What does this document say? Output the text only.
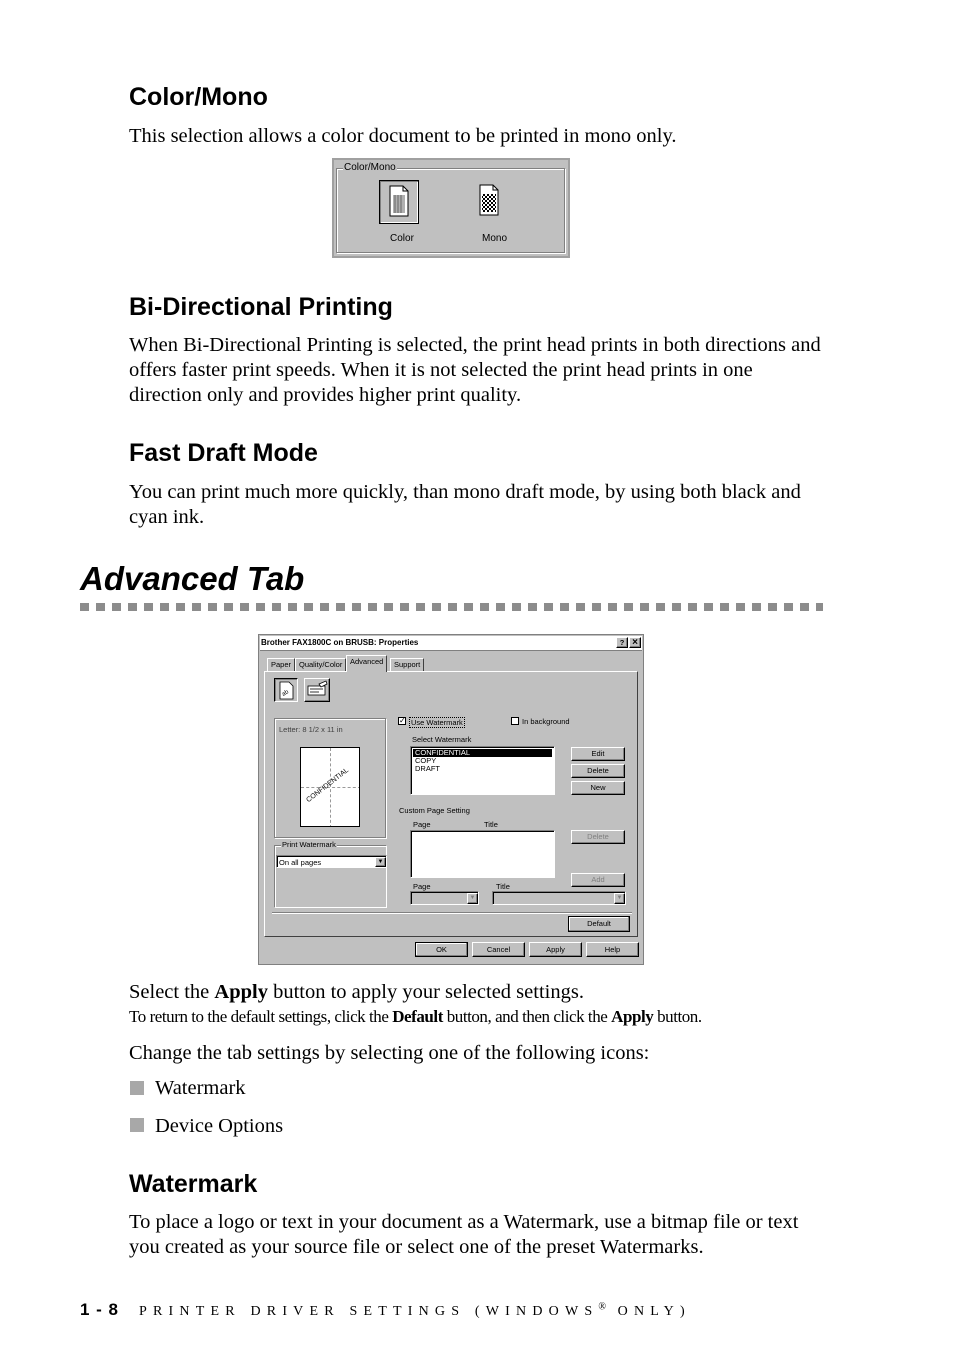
Color/Mono

This selection allows a color document to be printed in mono only.

Color/Mono
Color	Mono
Bi-Directional Printing

When Bi-Directional Printing is selected, the print head prints in both directions and offers faster print speeds. When it is not selected the print head prints in one direction only and provides higher print quality.

Fast Draft Mode

You can print much more quickly, than mono draft mode, by using both black and cyan ink.

Advanced Tab
Brother FAX1800C on BRUSB: Properties	? ×
Paper	Quality/Color	Advanced	Support
ab
Letter: 8 1/2 x 11 in
CONFIDENTIAL
Print Watermark
On all pages	▼
✓ Use Watermark	In background
Select Watermark
CONFIDENTIAL
COPY
DRAFT
Edit
Delete
New
Custom Page Setting
Page	Title
Delete
Add
Page	Title
▼	▼
Default
OK	Cancel	Apply	Help

Select the Apply button to apply your selected settings.

To return to the default settings, click the Default button, and then click the Apply button.

Change the tab settings by selecting one of the following icons:

Watermark

Device Options

Watermark

To place a logo or text in your document as a Watermark, use a bitmap file or text you created as your source file or select one of the preset Watermarks.

1 - 8 PRINTER DRIVER SETTINGS (WINDOWS® ONLY)
